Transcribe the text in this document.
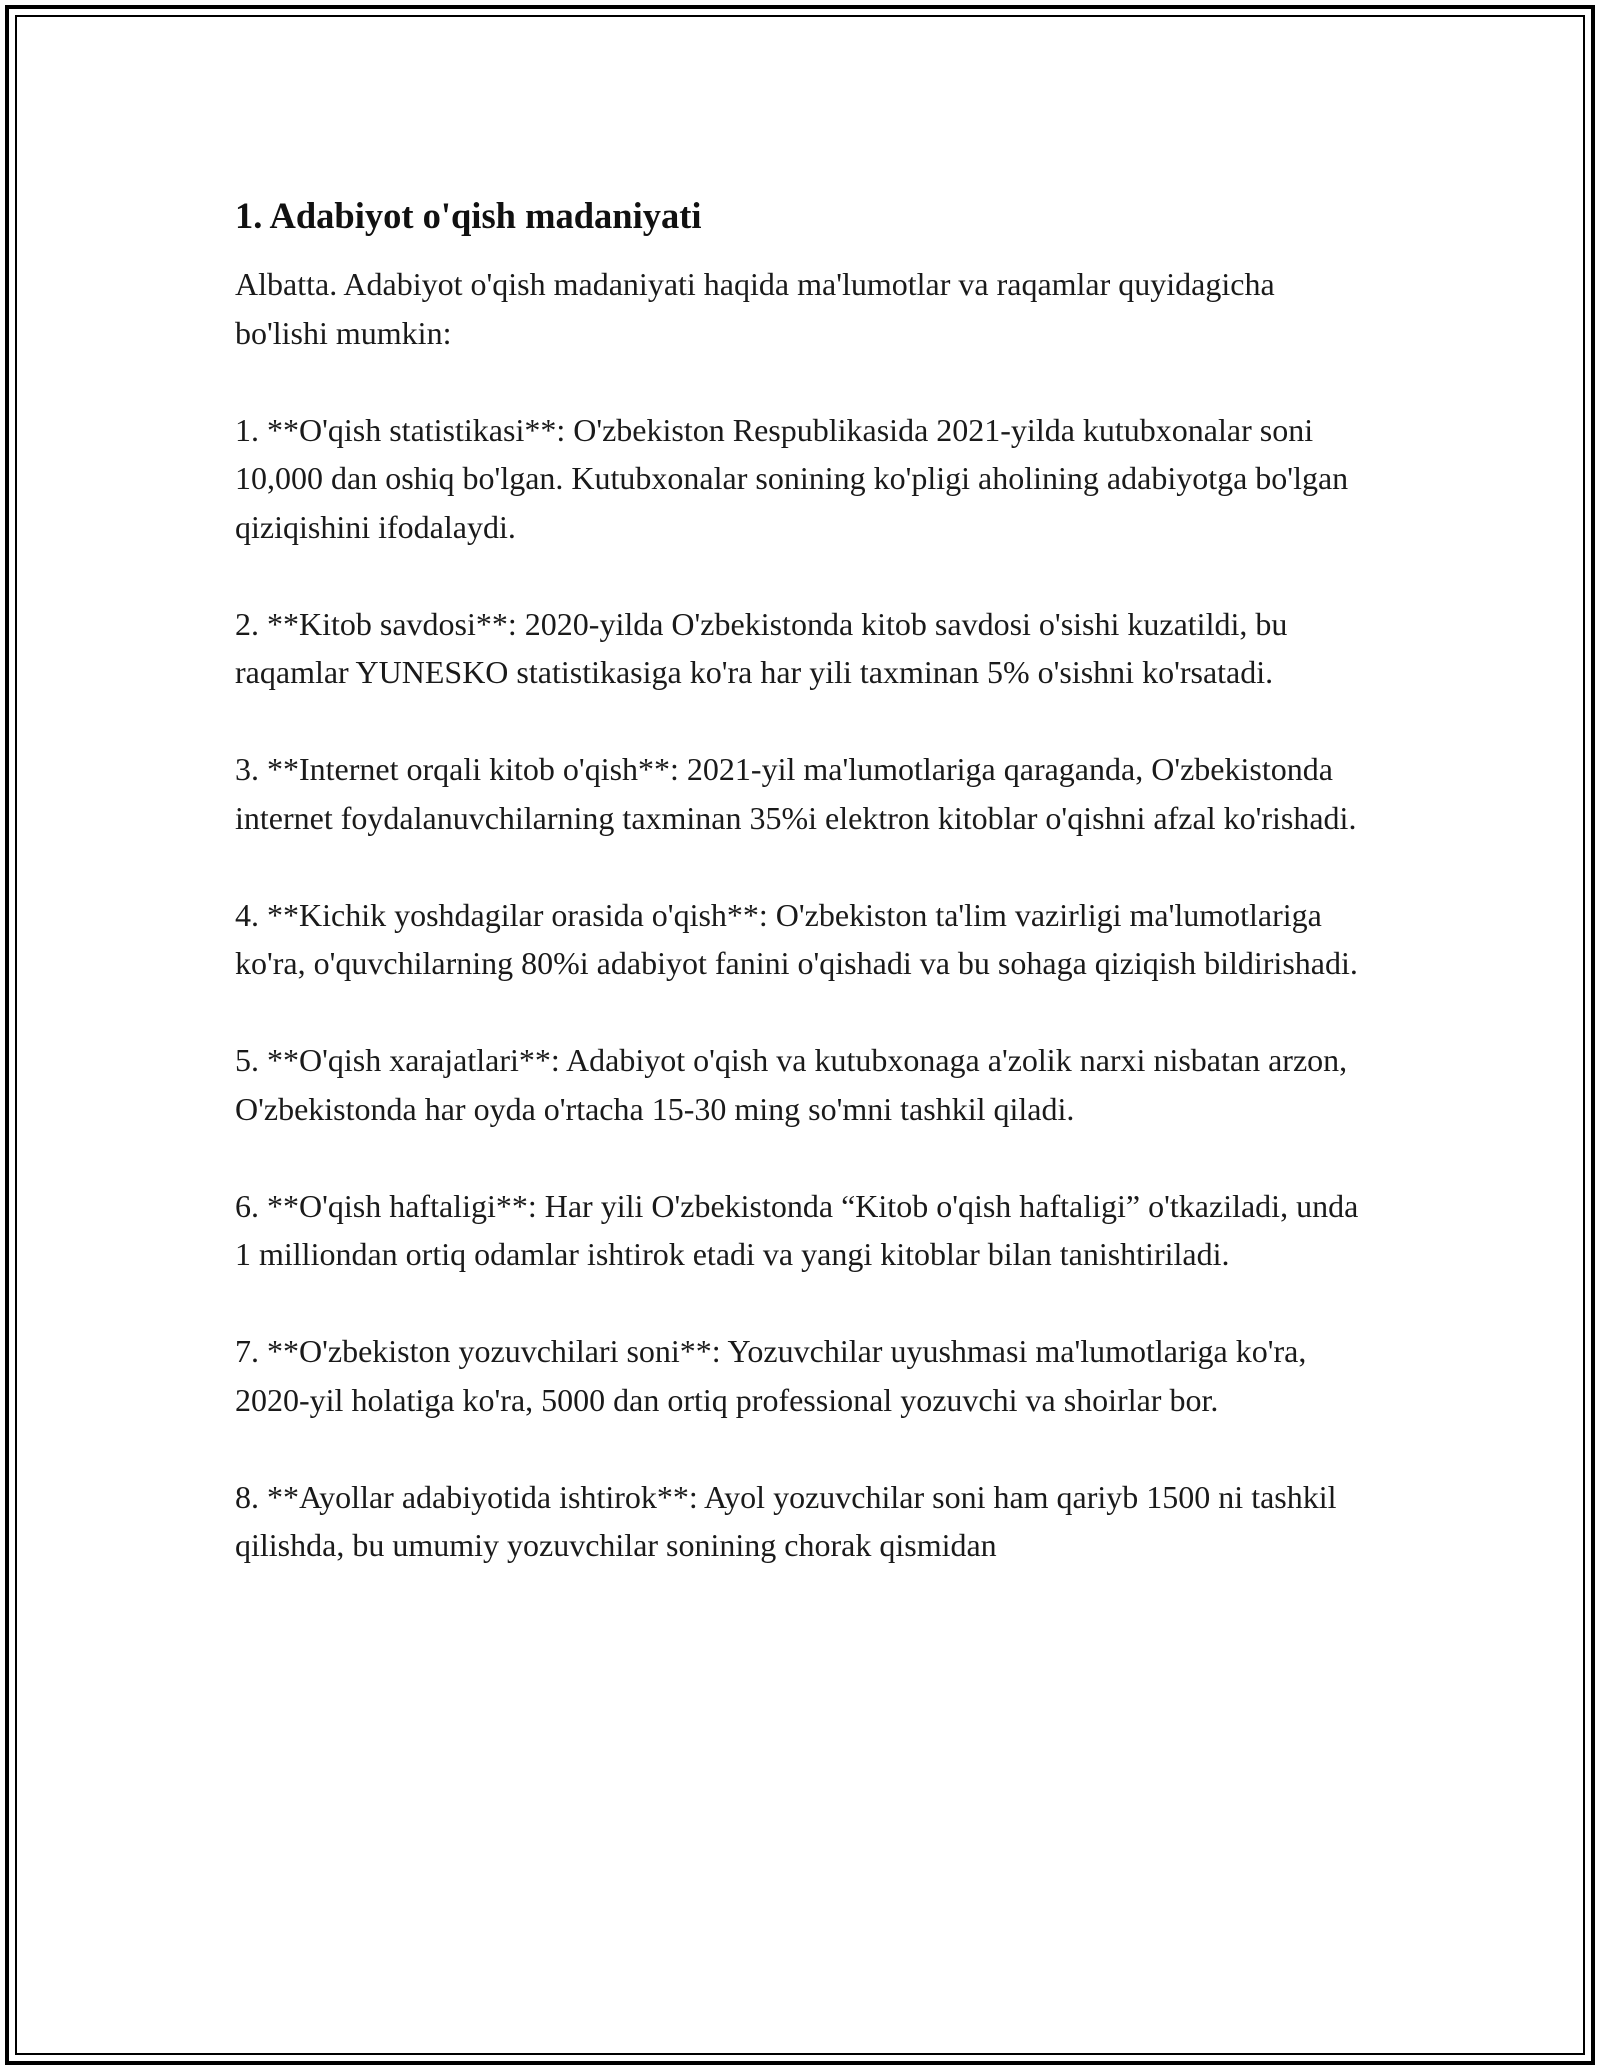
1. Adabiyot o'qish madaniyati

Albatta. Adabiyot o'qish madaniyati haqida ma'lumotlar va raqamlar quyidagicha bo'lishi mumkin:

1. **O'qish statistikasi**: O'zbekiston Respublikasida 2021-yilda kutubxonalar soni 10,000 dan oshiq bo'lgan. Kutubxonalar sonining ko'pligi aholining adabiyotga bo'lgan qiziqishini ifodalaydi.

2. **Kitob savdosi**: 2020-yilda O'zbekistonda kitob savdosi o'sishi kuzatildi, bu raqamlar YUNESKO statistikasiga ko'ra har yili taxminan 5% o'sishni ko'rsatadi.

3. **Internet orqali kitob o'qish**: 2021-yil ma'lumotlariga qaraganda, O'zbekistonda internet foydalanuvchilarning taxminan 35%i elektron kitoblar o'qishni afzal ko'rishadi.

4. **Kichik yoshdagilar orasida o'qish**: O'zbekiston ta'lim vazirligi ma'lumotlariga ko'ra, o'quvchilarning 80%i adabiyot fanini o'qishadi va bu sohaga qiziqish bildirishadi.

5. **O'qish xarajatlari**: Adabiyot o'qish va kutubxonaga a'zolik narxi nisbatan arzon, O'zbekistonda har oyda o'rtacha 15-30 ming so'mni tashkil qiladi.

6. **O'qish haftaligi**: Har yili O'zbekistonda “Kitob o'qish haftaligi” o'tkaziladi, unda 1 milliondan ortiq odamlar ishtirok etadi va yangi kitoblar bilan tanishtiriladi.

7. **O'zbekiston yozuvchilari soni**: Yozuvchilar uyushmasi ma'lumotlariga ko'ra, 2020-yil holatiga ko'ra, 5000 dan ortiq professional yozuvchi va shoirlar bor.

8. **Ayollar adabiyotida ishtirok**: Ayol yozuvchilar soni ham qariyb 1500 ni tashkil qilishda, bu umumiy yozuvchilar sonining chorak qismidan
